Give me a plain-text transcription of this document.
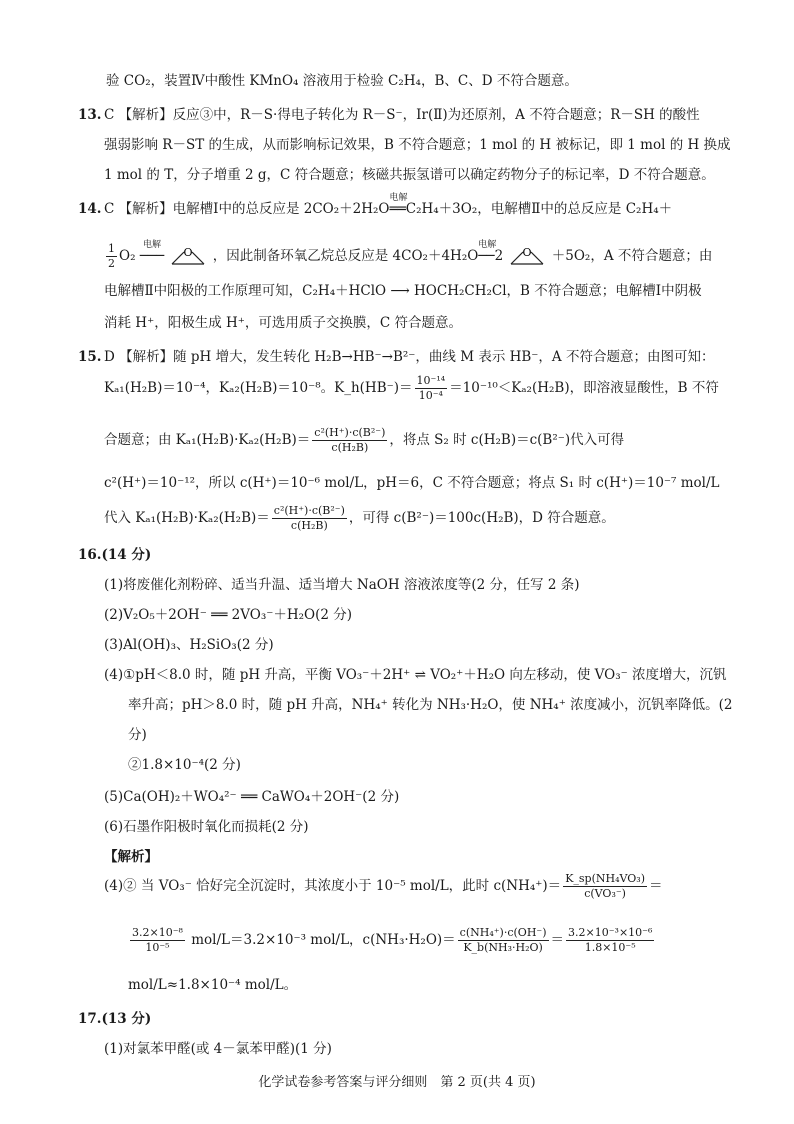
验 CO₂，装置Ⅳ中酸性 KMnO₄ 溶液用于检验 C₂H₄，B、C、D 不符合题意。
13. C 【解析】反应③中，R－S·得电子转化为 R－S⁻，Ir(Ⅱ)为还原剂，A 不符合题意；R－SH 的酸性
强弱影响 R－ST 的生成，从而影响标记效果，B 不符合题意；1 mol 的 H 被标记，即 1 mol 的 H 换成
1 mol 的 T，分子增重 2 g，C 符合题意；核磁共振氢谱可以确定药物分子的标记率，D 不符合题意。
14. C 【解析】电解槽Ⅰ中的总反应是 2CO₂＋2H₂O
电解
══C₂H₄＋3O₂，电解槽Ⅱ中的总反应是 C₂H₄＋
$\frac{1}{2} O_2$
电解
─── O ，因此制备环氧乙烷总反应是 4CO₂＋4H₂O
电解
──2 O ＋5O₂，A 不符合题意；由
电解槽Ⅱ中阳极的工作原理可知，C₂H₄＋HClO ⟶ HOCH₂CH₂Cl，B 不符合题意；电解槽Ⅰ中阴极
消耗 H⁺，阳极生成 H⁺，可选用质子交换膜，C 符合题意。
15. D 【解析】随 pH 增大，发生转化 H₂B→HB⁻→B²⁻，曲线 M 表示 HB⁻，A 不符合题意；由图可知：
Kₐ₁(H₂B)＝10⁻⁴，Kₐ₂(H₂B)＝10⁻⁸。K_h(HB⁻)＝ $\frac{\text{10⁻¹⁴}}{\text{10⁻⁴}} =10^{-10}<K_{a2}(H_2B)$，即溶液显酸性，B 不符
合题意；由 $K_{a1}(H_2B)\cdot K_{a2}(H_2B)= \frac{\text{c²(H⁺)·c(B²⁻)}}{\text{c(H₂B)}}$ ，将点 S₂ 时 c(H₂B)＝c(B²⁻)代入可得
c²(H⁺)＝10⁻¹²，所以 c(H⁺)＝10⁻⁶ mol/L，pH＝6，C 不符合题意；将点 S₁ 时 c(H⁺)＝10⁻⁷ mol/L
代入 $K_{a1}(H_2B)\cdot K_{a2}(H_2B)= \frac{\text{c²(H⁺)·c(B²⁻)}}{\text{c(H₂B)}}$ ，可得 c(B²⁻)＝100c(H₂B)，D 符合题意。
16.(14 分)
(1)将废催化剂粉碎、适当升温、适当增大 NaOH 溶液浓度等(2 分，任写 2 条)
(2)V₂O₅＋2OH⁻ ══ 2VO₃⁻＋H₂O(2 分)
(3)Al(OH)₃、H₂SiO₃(2 分)
(4)①pH＜8.0 时，随 pH 升高，平衡 VO₃⁻＋2H⁺ ⇌ VO₂⁺＋H₂O 向左移动，使 VO₃⁻ 浓度增大，沉钒
率升高；pH＞8.0 时，随 pH 升高，NH₄⁺ 转化为 NH₃·H₂O，使 NH₄⁺ 浓度减小，沉钒率降低。(2
分)
②1.8×10⁻⁴(2 分)
(5)Ca(OH)₂＋WO₄²⁻ ══ CaWO₄＋2OH⁻(2 分)
(6)石墨作阳极时氧化而损耗(2 分)
【解析】
(4)② 当 VO₃⁻ 恰好完全沉淀时，其浓度小于 10⁻⁵ mol/L，此时 $c(NH_4^+)= \frac{\text{K\_sp(NH₄VO₃)}}{\text{c(VO₃⁻)}}$ ＝
$\frac{\text{3.2×10⁻⁸}}{\text{10⁻⁵}} mol/L=3.2\times 10^{-3}$ mol/L，$c(NH_3\cdot H_2O)= \frac{\text{c(NH₄⁺)·c(OH⁻)}}{\text{K\_b(NH₃·H₂O)}} = \frac{\text{3.2×10⁻³×10⁻⁶}}{\text{1.8×10⁻⁵}}$
mol/L≈1.8×10⁻⁴ mol/L。
17.(13 分)
(1)对氯苯甲醛(或 4－氯苯甲醛)(1 分)
化学试卷参考答案与评分细则　第 2 页(共 4 页)
